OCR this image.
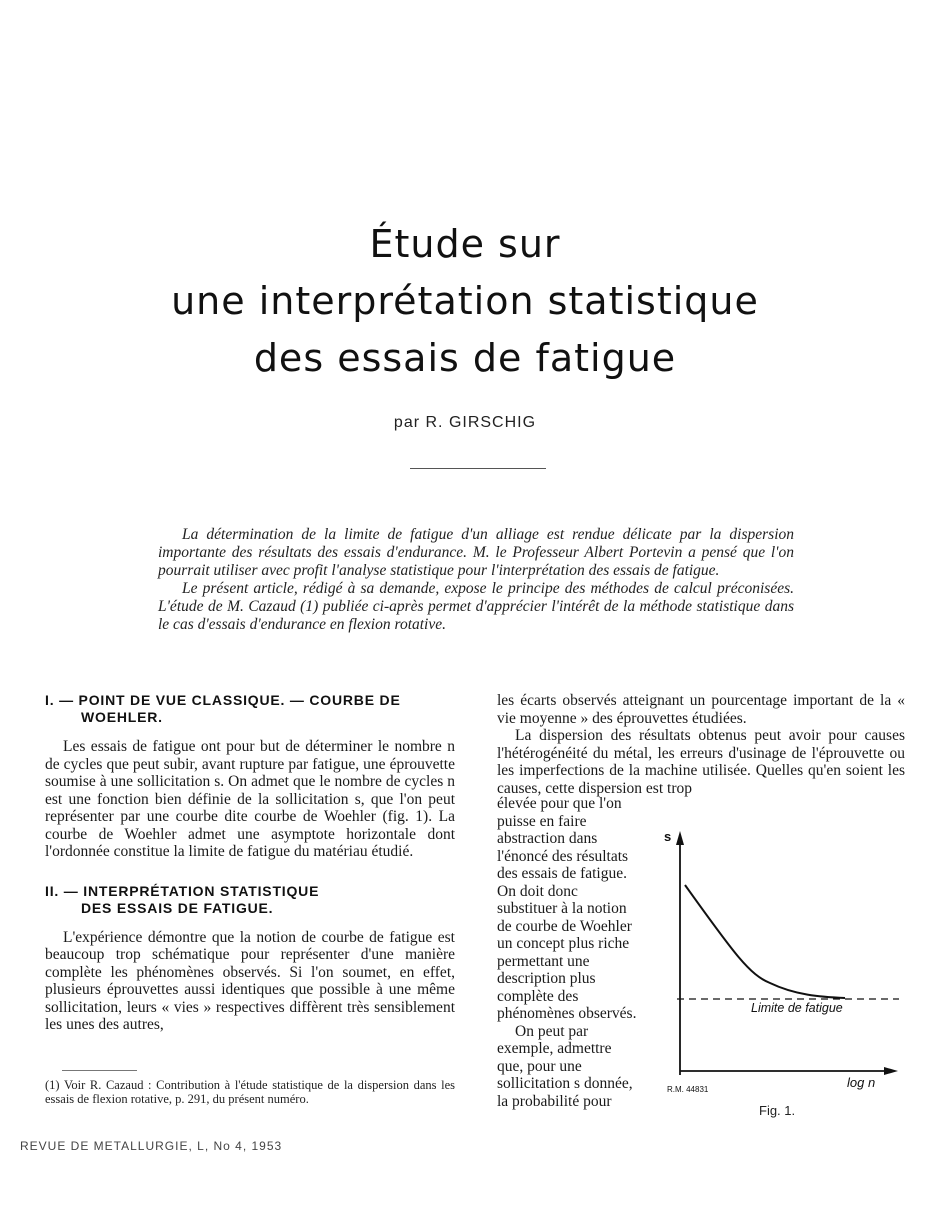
Étude sur
une interprétation statistique
des essais de fatigue
par R. GIRSCHIG

La détermination de la limite de fatigue d'un alliage est rendue délicate par la dispersion importante des résultats des essais d'endurance. M. le Professeur Albert Portevin a pensé que l'on pourrait utiliser avec profit l'analyse statistique pour l'interprétation des essais de fatigue.

Le présent article, rédigé à sa demande, expose le principe des méthodes de calcul préconisées. L'étude de M. Cazaud (1) publiée ci-après permet d'apprécier l'intérêt de la méthode statistique dans le cas d'essais d'endurance en flexion rotative.

I. — POINT DE VUE CLASSIQUE. — COURBE DE
WOEHLER.

Les essais de fatigue ont pour but de déterminer le nombre n de cycles que peut subir, avant rupture par fatigue, une éprouvette soumise à une sollicitation s. On admet que le nombre de cycles n est une fonction bien définie de la sollicitation s, que l'on peut représenter par une courbe dite courbe de Woehler (fig. 1). La courbe de Woehler admet une asymptote horizontale dont l'ordonnée constitue la limite de fatigue du matériau étudié.

II. — INTERPRÉTATION STATISTIQUE
DES ESSAIS DE FATIGUE.

L'expérience démontre que la notion de courbe de fatigue est beaucoup trop schématique pour représenter d'une manière complète les phénomènes observés. Si l'on soumet, en effet, plusieurs éprouvettes aussi identiques que possible à une même sollicitation, leurs « vies » respectives diffèrent très sensiblement les unes des autres,

(1) Voir R. Cazaud : Contribution à l'étude statistique de la dispersion dans les essais de flexion rotative, p. 291, du présent numéro.
REVUE DE METALLURGIE, L, No 4, 1953

les écarts observés atteignant un pourcentage important de la « vie moyenne » des éprouvettes étudiées.

La dispersion des résultats obtenus peut avoir pour causes l'hétérogénéité du métal, les erreurs d'usinage de l'éprouvette ou les imperfections de la machine utilisée. Quelles qu'en soient les causes, cette dispersion est trop

élevée pour que l'on puisse en faire abstraction dans l'énoncé des résultats des essais de fatigue. On doit donc substituer à la notion de courbe de Woehler un concept plus riche permettant une description plus complète des phénomènes observés.

On peut par exemple, admettre que, pour une sollicitation s donnée, la probabilité pour

s
log n
Limite de fatigue
R.M. 44831
Fig. 1.
